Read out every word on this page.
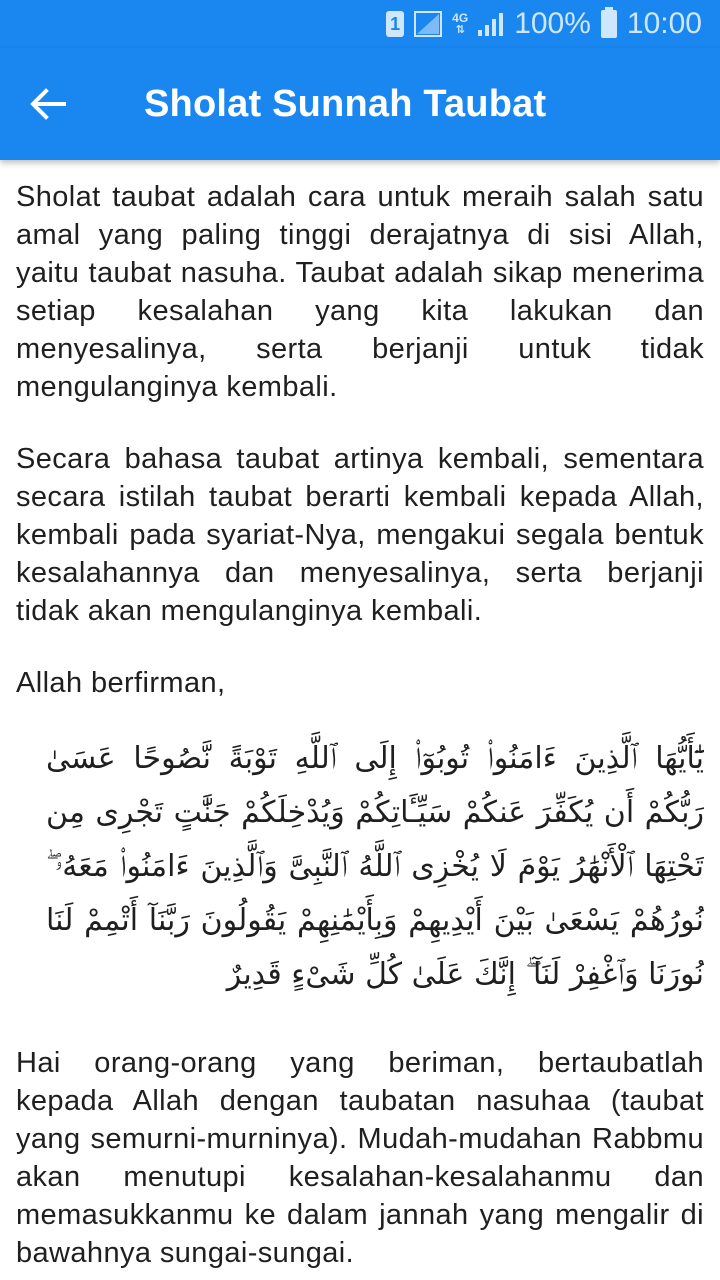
1	4G
⇅ 100% 10:00
Sholat Sunnah Taubat

Sholat taubat adalah cara untuk meraih salah satu amal yang paling tinggi derajatnya di sisi Allah, yaitu taubat nasuha. Taubat adalah sikap menerima setiap kesalahan yang kita lakukan dan menyesalinya, serta berjanji untuk tidak mengulanginya kembali.

Secara bahasa taubat artinya kembali, sementara secara istilah taubat berarti kembali kepada Allah, kembali pada syariat-Nya, mengakui segala bentuk kesalahannya dan menyesalinya, serta berjanji tidak akan mengulanginya kembali.

Allah berfirman,

يَٰٓأَيُّهَا ٱلَّذِينَ ءَامَنُوا۟ تُوبُوٓا۟ إِلَى ٱللَّهِ تَوْبَةً نَّصُوحًا عَسَىٰ رَبُّكُمْ أَن يُكَفِّرَ عَنكُمْ سَيِّـَٔاتِكُمْ وَيُدْخِلَكُمْ جَنَّٰتٍ تَجْرِى مِن تَحْتِهَا ٱلْأَنْهَٰرُ يَوْمَ لَا يُخْزِى ٱللَّهُ ٱلنَّبِىَّ وَٱلَّذِينَ ءَامَنُوا۟ مَعَهُۥ ۖ نُورُهُمْ يَسْعَىٰ بَيْنَ أَيْدِيهِمْ وَبِأَيْمَٰنِهِمْ يَقُولُونَ رَبَّنَآ أَتْمِمْ لَنَا نُورَنَا وَٱغْفِرْ لَنَآ ۖ إِنَّكَ عَلَىٰ كُلِّ شَىْءٍ قَدِيرٌ

Hai orang-orang yang beriman, bertaubatlah kepada Allah dengan taubatan nasuhaa (taubat yang semurni-murninya). Mudah-mudahan Rabbmu akan menutupi kesalahan-kesalahanmu dan memasukkanmu ke dalam jannah yang mengalir di bawahnya sungai-sungai.
